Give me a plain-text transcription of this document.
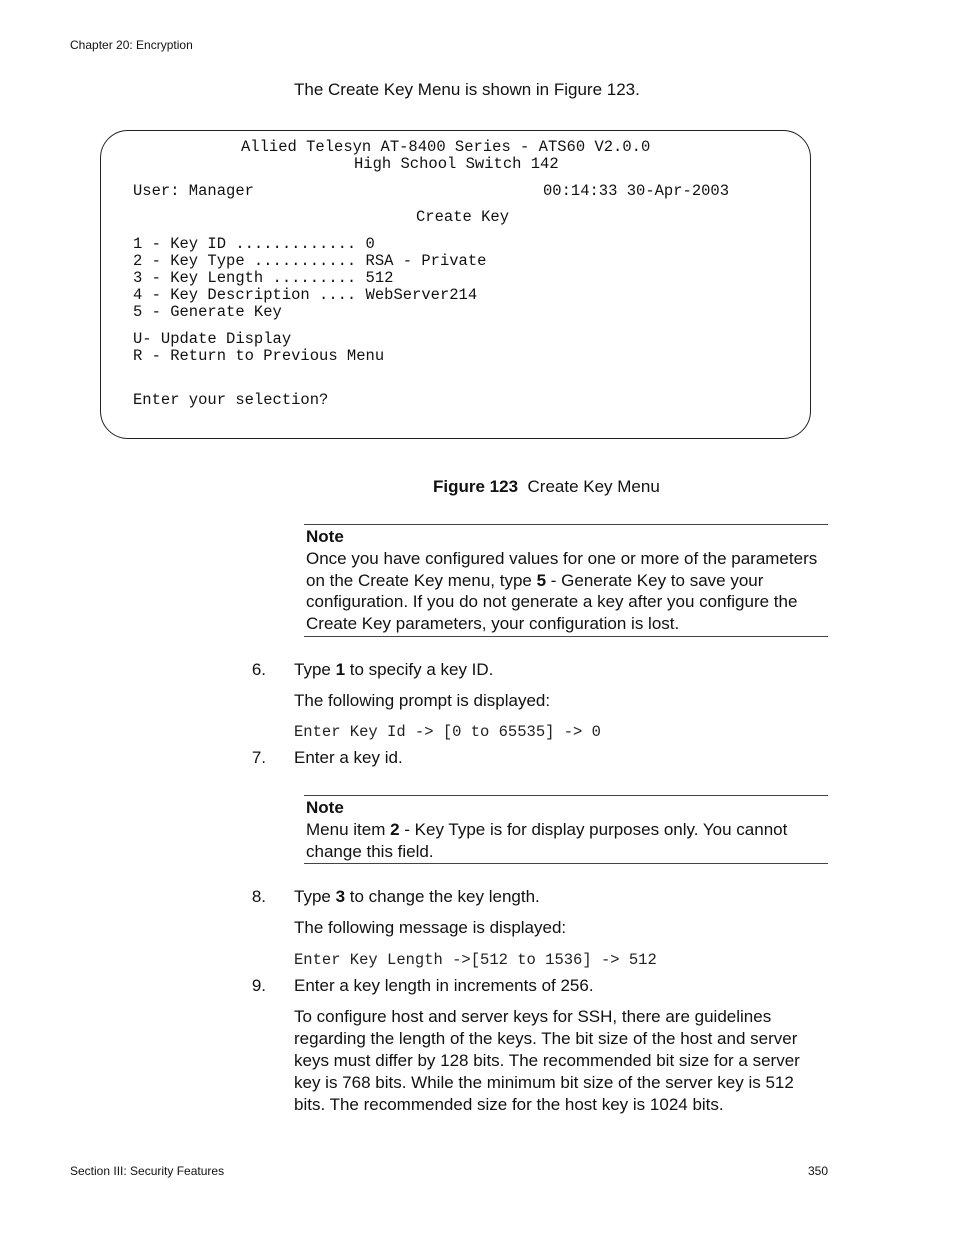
Chapter 20: Encryption
The Create Key Menu is shown in Figure 123.
Allied Telesyn AT-8400 Series - ATS60 V2.0.0
High School Switch 142
User: Manager	00:14:33 30-Apr-2003
Create Key
1 - Key ID ............. 0
2 - Key Type ........... RSA - Private
3 - Key Length ......... 512
4 - Key Description .... WebServer214
5 - Generate Key
U- Update Display
R - Return to Previous Menu
Enter your selection?
Figure 123 Create Key Menu
Note
Once you have configured values for one or more of the parameters on the Create Key menu, type 5 - Generate Key to save your configuration. If you do not generate a key after you configure the Create Key parameters, your configuration is lost.
6. Type 1 to specify a key ID.
The following prompt is displayed:
Enter Key Id -> [0 to 65535] -> 0
7. Enter a key id.
Note
Menu item 2 - Key Type is for display purposes only. You cannot change this field.
8. Type 3 to change the key length.
The following message is displayed:
Enter Key Length ->[512 to 1536] -> 512
9. Enter a key length in increments of 256.
To configure host and server keys for SSH, there are guidelines regarding the length of the keys. The bit size of the host and server keys must differ by 128 bits. The recommended bit size for a server key is 768 bits. While the minimum bit size of the server key is 512 bits. The recommended size for the host key is 1024 bits.
Section III: Security Features	350
